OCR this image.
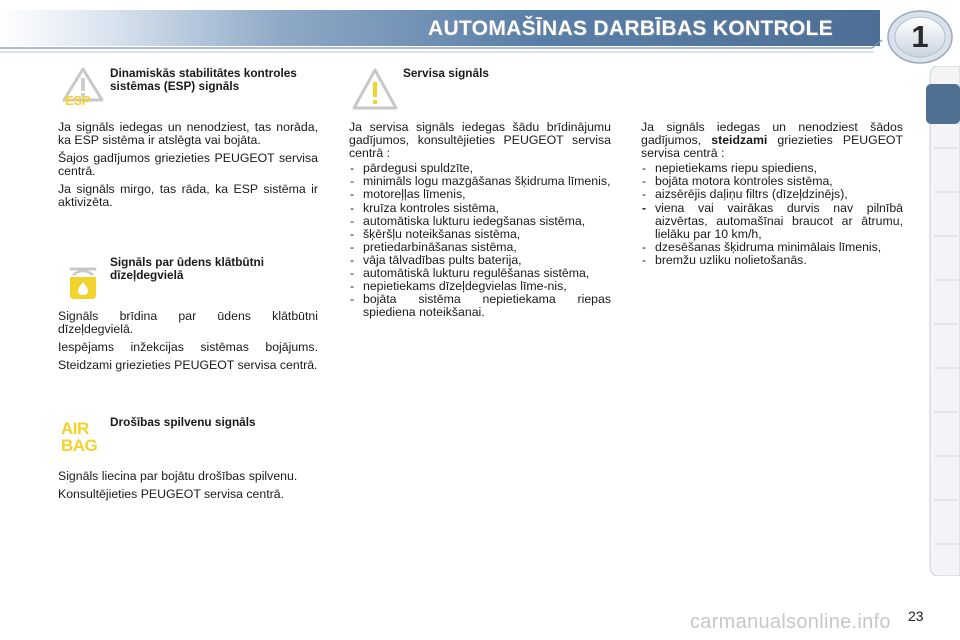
AUTOMAŠĪNAS DARBĪBAS KONTROLE	1
ESP
Dinamiskās stabilitātes kontroles sistēmas (ESP) signāls

Ja signāls iedegas un nenodziest, tas norāda, ka ESP sistēma ir atslēgta vai bojāta.

Šajos gadījumos griezieties PEUGEOT servisa centrā.

Ja signāls mirgo, tas rāda, ka ESP sistēma ir aktivizēta.

Signāls par ūdens klātbūtni dīzeļdegvielā

Signāls brīdina par ūdens klātbūtni dīzeļdegvielā.

Iespējams inžekcijas sistēmas bojājums.

Steidzami griezieties PEUGEOT servisa centrā.

AIR
BAG
Drošības spilvenu signāls

Signāls liecina par bojātu drošības spilvenu.

Konsultējieties PEUGEOT servisa centrā.

Servisa signāls

Ja servisa signāls iedegas šādu brīdinājumu gadījumos, konsultējieties PEUGEOT servisa centrā :

- pārdegusi spuldzīte,
- minimāls logu mazgāšanas šķidruma līmenis,
- motoreļļas līmenis,
- kruīza kontroles sistēma,
- automātiska lukturu iedegšanas sistēma,
- šķēršļu noteikšanas sistēma,
- pretiedarbināšanas sistēma,
- vāja tālvadības pults baterija,
- automātiskā lukturu regulēšanas sistēma,
- nepietiekams dīzeļdegvielas līme-nis,
- bojāta sistēma nepietiekama riepas spiediena noteikšanai.

Ja signāls iedegas un nenodziest šādos gadījumos, steidzami griezieties PEUGEOT servisa centrā :

- nepietiekams riepu spiediens,
- bojāta motora kontroles sistēma,
- aizsērējis daļiņu filtrs (dīzeļdzinējs),
- viena vai vairākas durvis nav pilnībā aizvērtas, automašīnai braucot ar ātrumu, lielāku par 10 km/h,
- dzesēšanas šķidruma minimālais līmenis,
- bremžu uzliku nolietošanās.
carmanualsonline.info 23
